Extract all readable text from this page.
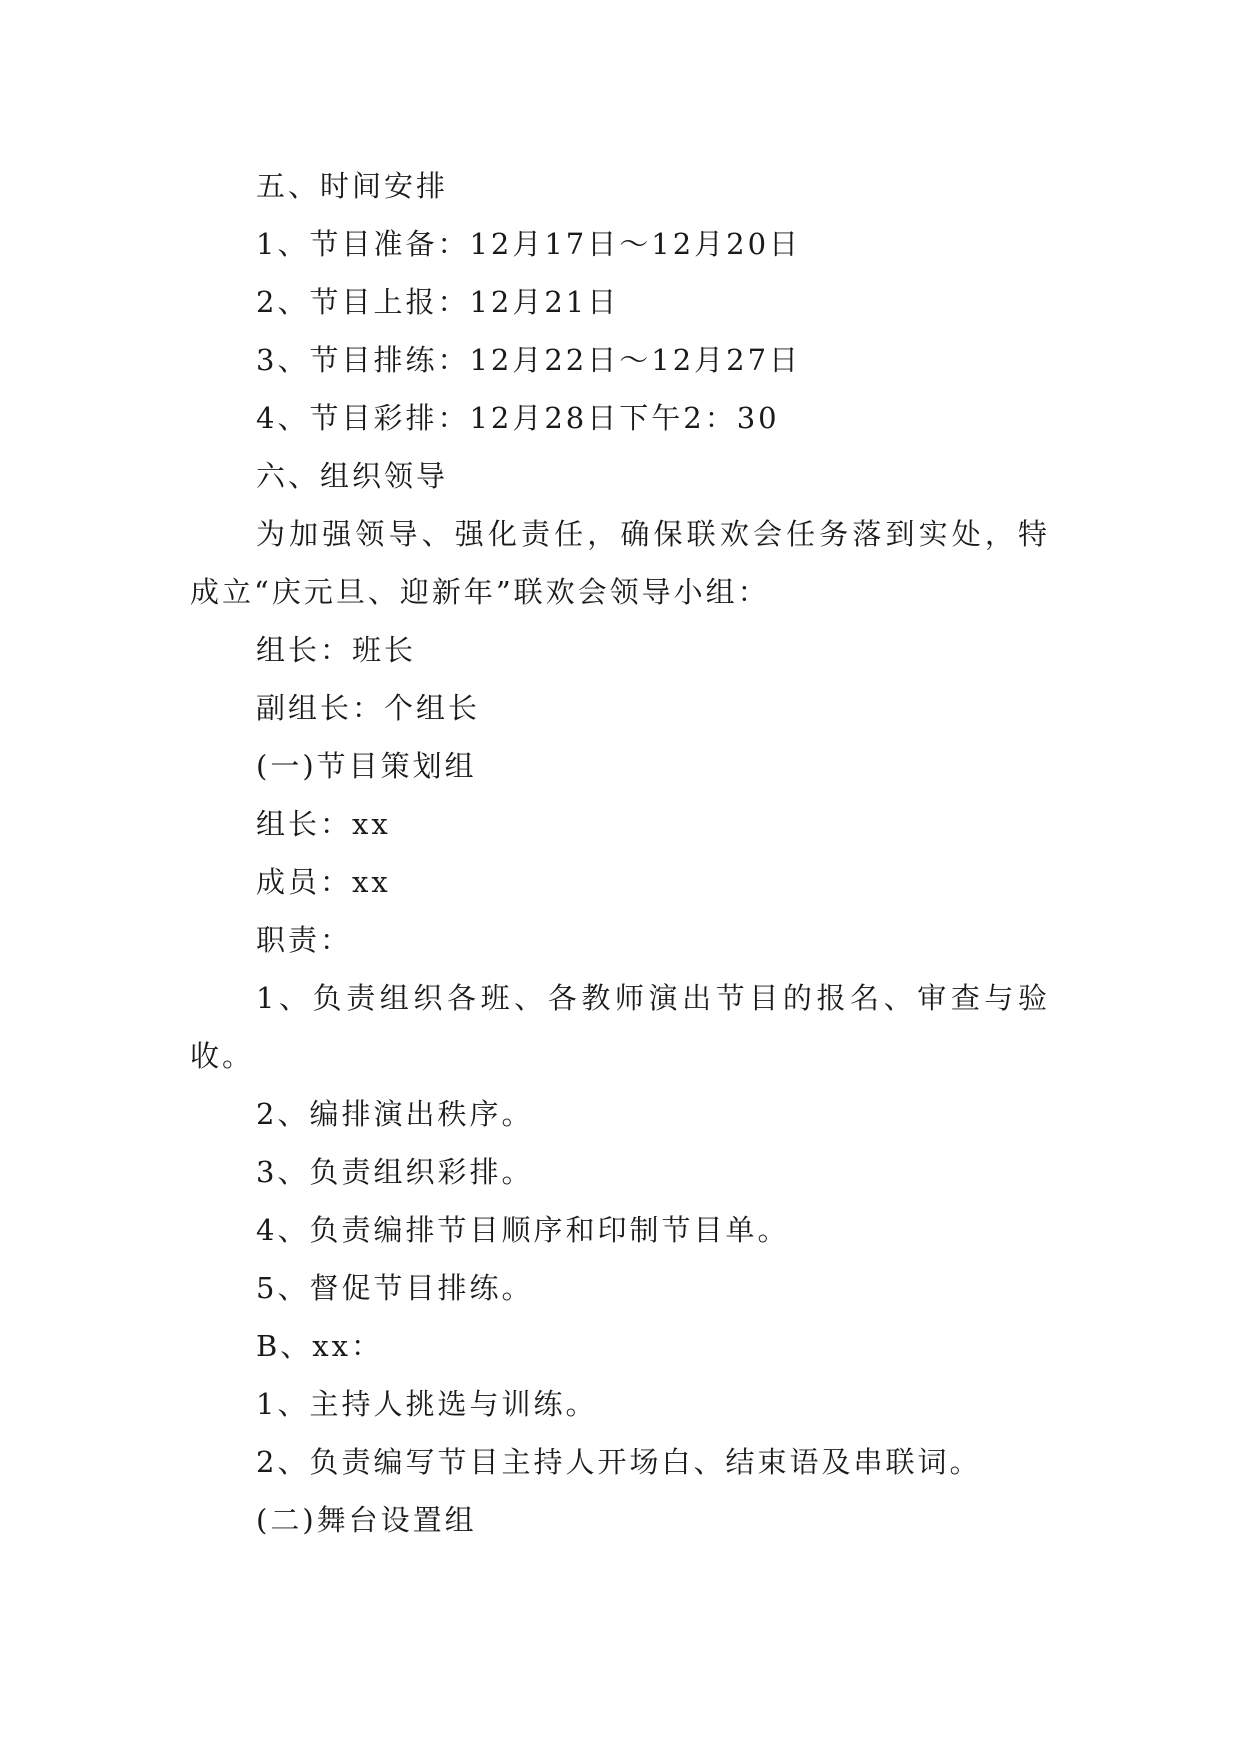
五、时间安排

1、节目准备：12月17日～12月20日

2、节目上报：12月21日

3、节目排练：12月22日～12月27日

4、节目彩排：12月28日下午2：30

六、组织领导

为加强领导、强化责任，确保联欢会任务落到实处，特成立“庆元旦、迎新年”联欢会领导小组：

组长：班长

副组长：个组长

(一)节目策划组

组长：xx

成员：xx

职责：

1、负责组织各班、各教师演出节目的报名、审查与验收。

2、编排演出秩序。

3、负责组织彩排。

4、负责编排节目顺序和印制节目单。

5、督促节目排练。

B、xx：

1、主持人挑选与训练。

2、负责编写节目主持人开场白、结束语及串联词。

(二)舞台设置组
